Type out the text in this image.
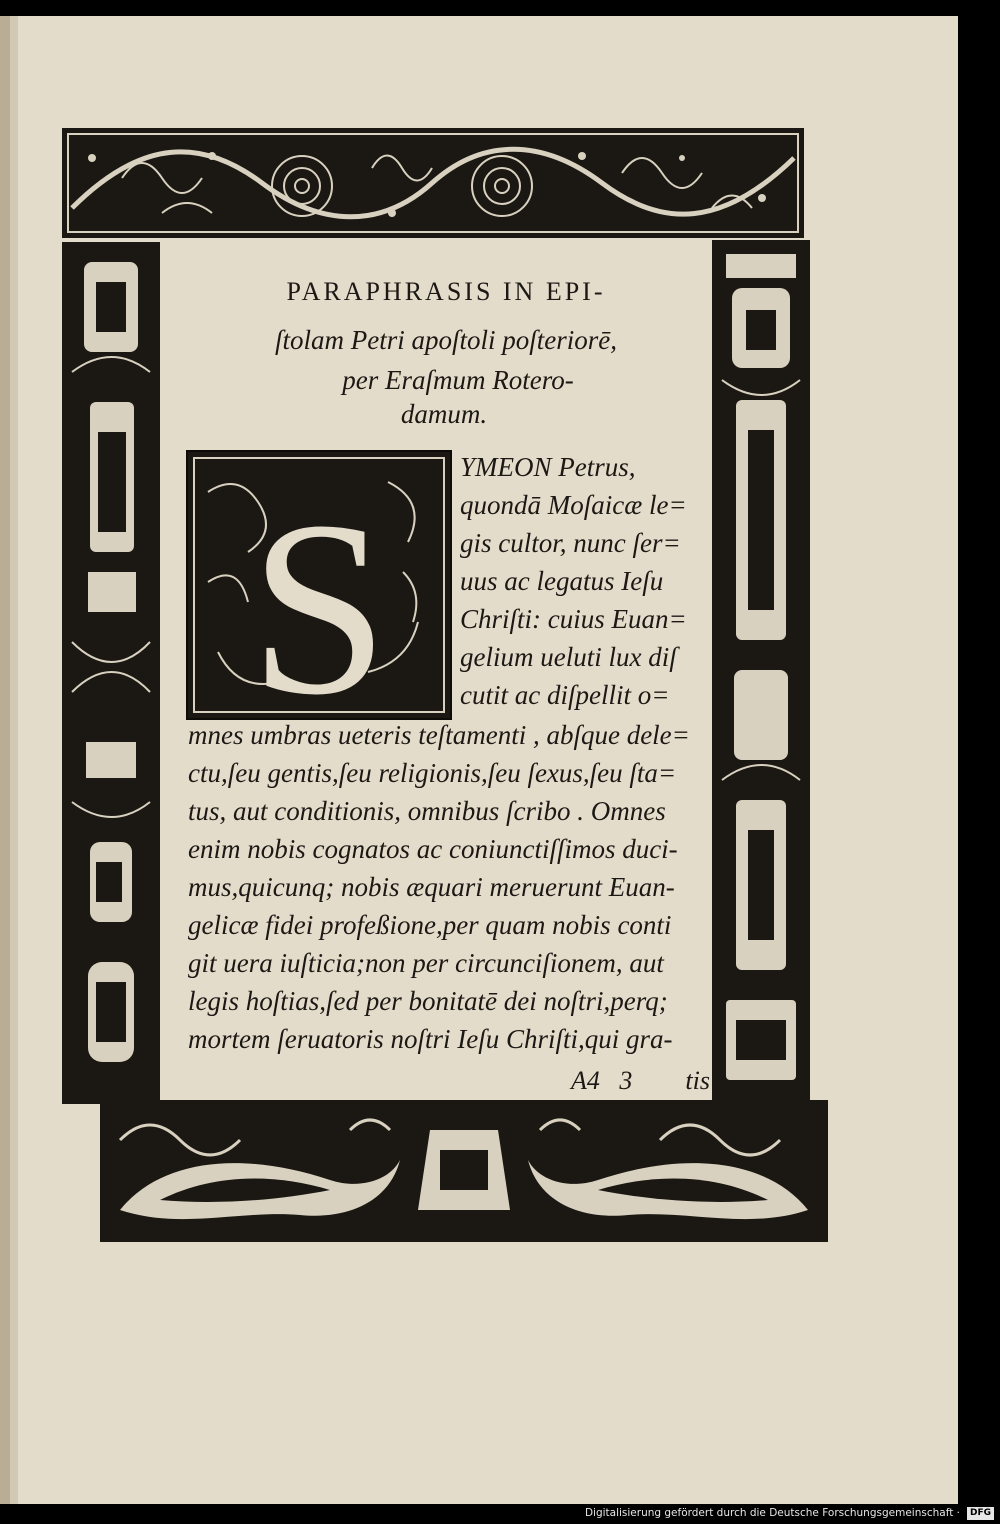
PARAPHRASIS IN EPI‑
ſtolam Petri apoſtoli poſteriorē,
per Eraſmum Rotero‑
damum.
S
YMEON Petrus,
quondā Moſaicæ le=
gis cultor, nunc ſer=
uus ac legatus Ieſu
Chriſti: cuius Euan=
gelium ueluti lux diſ
cutit ac diſpellit o=
mnes umbras ueteris teſtamenti , abſque dele=
ctu,ſeu gentis,ſeu religionis,ſeu ſexus,ſeu ſta=
tus, aut conditionis, omnibus ſcribo . Omnes
enim nobis cognatos ac coniunctiſſimos duci‑
mus,quicunq; nobis æquari meruerunt Euan‑
gelicæ fidei profeßione,per quam nobis conti
git uera iuſticia;non per circunciſionem, aut
legis hoſtias,ſed per bonitatē dei noſtri,perq;
mortem ſeruatoris noſtri Ieſu Chriſti,qui gra‑
A4   3 tis
Digitalisierung gefördert durch die Deutsche Forschungsgemeinschaft ·	DFG
